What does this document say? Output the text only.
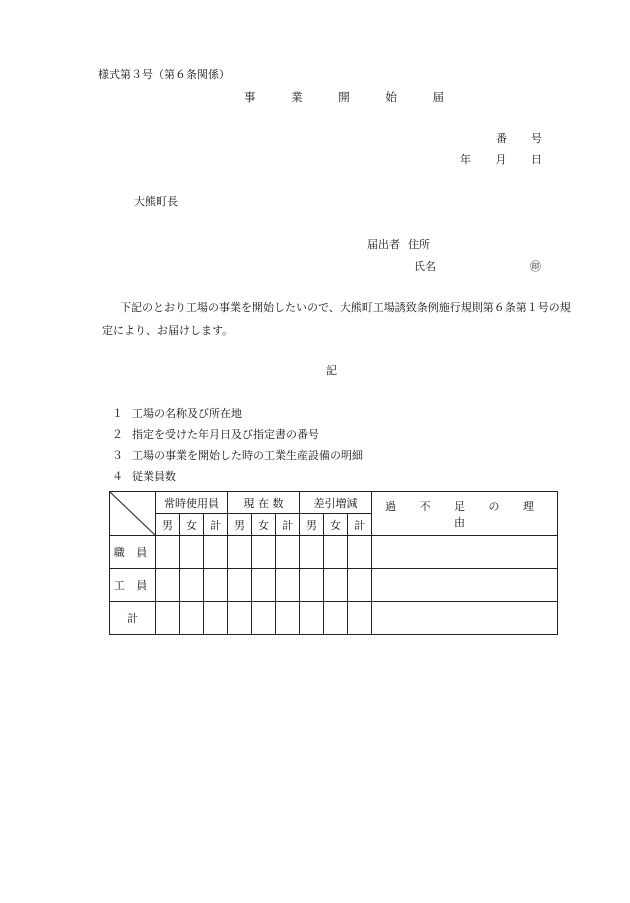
様式第３号（第６条関係）
事	業	開	始	届
番 号
年 月 日
大熊町長
届出者 住所
氏名	㊞
下記のとおり工場の事業を開始したいので、大熊町工場誘致条例施行規則第６条第１号の規定により、お届けします。
記
１ 工場の名称及び所在地
２ 指定を受けた年月日及び指定書の番号
３ 工場の事業を開始した時の工業生産設備の明細
４ 従業員数
	常時使用員			現 在 数			差引増減			過 不 足 の 理 由
	男	女	計	男	女	計	男	女	計	
職 員										
工 員										
計										
